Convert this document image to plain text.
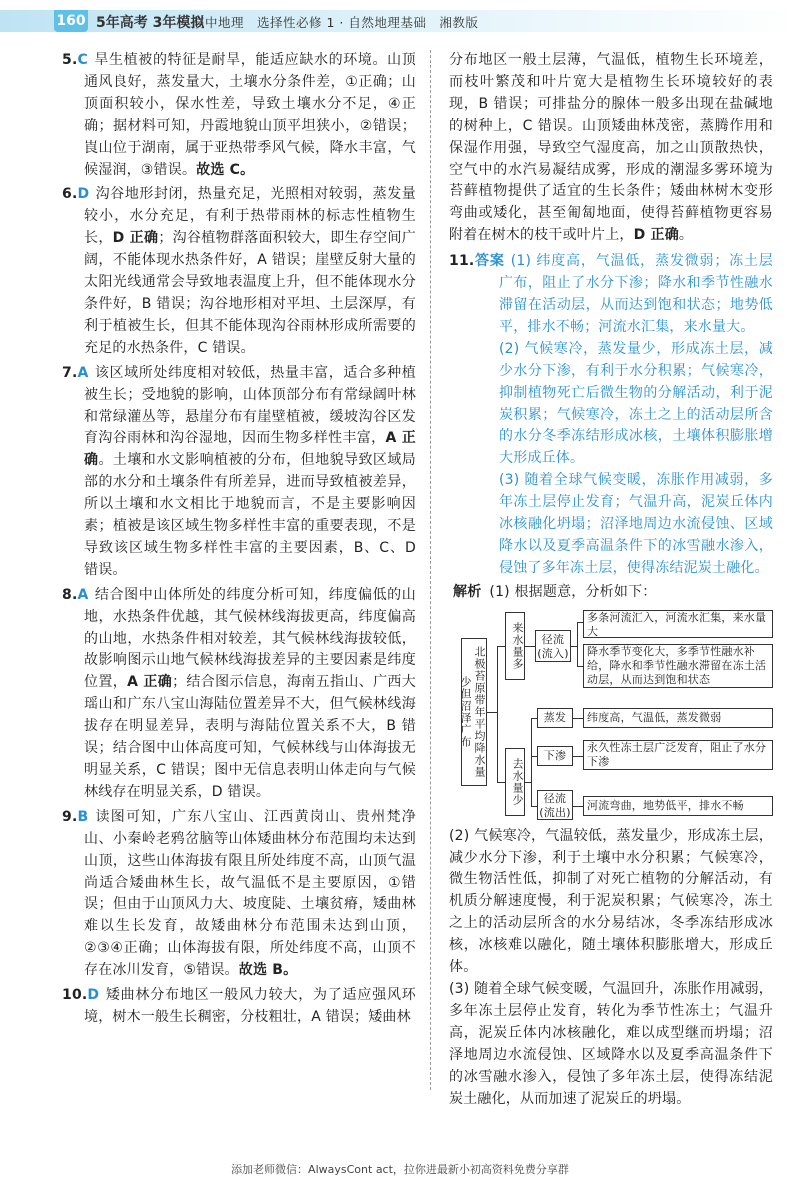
160 5年高考 3年模拟
高中地理　选择性必修 1 · 自然地理基础　湘教版
5.C 旱生植被的特征是耐旱，能适应缺水的环境。山顶通风良好，蒸发量大，土壤水分条件差，①正确；山顶面积较小，保水性差，导致土壤水分不足，④正确；据材料可知，丹霞地貌山顶平坦狭小，②错误；崀山位于湖南，属于亚热带季风气候，降水丰富，气候湿润，③错误。故选 C。
6.D 沟谷地形封闭，热量充足，光照相对较弱，蒸发量较小，水分充足，有利于热带雨林的标志性植物生长，D 正确；沟谷植物群落面积较大，即生存空间广阔，不能体现水热条件好，A 错误；崖壁反射大量的太阳光线通常会导致地表温度上升，但不能体现水分条件好，B 错误；沟谷地形相对平坦、土层深厚，有利于植被生长，但其不能体现沟谷雨林形成所需要的充足的水热条件，C 错误。
7.A 该区域所处纬度相对较低，热量丰富，适合多种植被生长；受地貌的影响，山体顶部分布有常绿阔叶林和常绿灌丛等，悬崖分布有崖壁植被，缓坡沟谷区发育沟谷雨林和沟谷湿地，因而生物多样性丰富，A 正确。土壤和水文影响植被的分布，但地貌导致区域局部的水分和土壤条件有所差异，进而导致植被差异，所以土壤和水文相比于地貌而言，不是主要影响因素；植被是该区域生物多样性丰富的重要表现，不是导致该区域生物多样性丰富的主要因素，B、C、D 错误。
8.A 结合图中山体所处的纬度分析可知，纬度偏低的山地，水热条件优越，其气候林线海拔更高，纬度偏高的山地，水热条件相对较差，其气候林线海拔较低，故影响图示山地气候林线海拔差异的主要因素是纬度位置，A 正确；结合图示信息，海南五指山、广西大瑶山和广东八宝山海陆位置差异不大，但气候林线海拔存在明显差异，表明与海陆位置关系不大，B 错误；结合图中山体高度可知，气候林线与山体海拔无明显关系，C 错误；图中无信息表明山体走向与气候林线存在明显关系，D 错误。
9.B 读图可知，广东八宝山、江西黄岗山、贵州梵净山、小秦岭老鸦岔脑等山体矮曲林分布范围均未达到山顶，这些山体海拔有限且所处纬度不高，山顶气温尚适合矮曲林生长，故气温低不是主要原因，①错误；但由于山顶风力大、坡度陡、土壤贫瘠，矮曲林难以生长发育，故矮曲林分布范围未达到山顶，②③④正确；山体海拔有限，所处纬度不高，山顶不存在冰川发育，⑤错误。故选 B。
10.D 矮曲林分布地区一般风力较大，为了适应强风环境，树木一般生长稠密，分枝粗壮，A 错误；矮曲林
分布地区一般土层薄，气温低，植物生长环境差，而枝叶繁茂和叶片宽大是植物生长环境较好的表现，B 错误；可排盐分的腺体一般多出现在盐碱地的树种上，C 错误。山顶矮曲林茂密，蒸腾作用和保湿作用强，导致空气湿度高，加之山顶散热快，空气中的水汽易凝结成雾，形成的潮湿多雾环境为苔藓植物提供了适宜的生长条件；矮曲林树木变形弯曲或矮化，甚至匍匐地面，使得苔藓植物更容易附着在树木的枝干或叶片上，D 正确。
11.答案 (1) 纬度高，气温低，蒸发微弱；冻土层广布，阻止了水分下渗；降水和季节性融水滞留在活动层，从而达到饱和状态；地势低平，排水不畅；河流水汇集，来水量大。
(2) 气候寒冷，蒸发量少，形成冻土层，减少水分下渗，有利于水分积累；气候寒冷，抑制植物死亡后微生物的分解活动，利于泥炭积累；气候寒冷，冻土之上的活动层所含的水分冬季冻结形成冰核，土壤体积膨胀增大形成丘体。
(3) 随着全球气候变暖，冻胀作用减弱，多年冻土层停止发育；气温升高，泥炭丘体内冰核融化坍塌；沼泽地周边水流侵蚀、区域降水以及夏季高温条件下的冰雪融水渗入，侵蚀了多年冻土层，使得冻结泥炭土融化。
解析 (1) 根据题意，分析如下：
北极苔原带年平均降水量少但沼泽广布
来水量多	径流(流入)
多条河流汇入，河流水汇集，来水量大
降水季节变化大，多季节性融水补给，降水和季节性融水滞留在冻土活动层，从而达到饱和状态
去水量少
蒸发	纬度高，气温低，蒸发微弱
下渗
永久性冻土层广泛发育，阻止了水分下渗
径流(流出)
河流弯曲，地势低平，排水不畅
(2) 气候寒冷，气温较低，蒸发量少，形成冻土层，减少水分下渗，利于土壤中水分积累；气候寒冷，微生物活性低，抑制了对死亡植物的分解活动，有机质分解速度慢，利于泥炭积累；气候寒冷，冻土之上的活动层所含的水分易结冰，冬季冻结形成冰核，冰核难以融化，随土壤体积膨胀增大，形成丘体。
(3) 随着全球气候变暖，气温回升，冻胀作用减弱，多年冻土层停止发育，转化为季节性冻土；气温升高，泥炭丘体内冰核融化，难以成型继而坍塌；沼泽地周边水流侵蚀、区域降水以及夏季高温条件下的冰雪融水渗入，侵蚀了多年冻土层，使得冻结泥炭土融化，从而加速了泥炭丘的坍塌。
添加老师微信：AlwaysCont act，拉你进最新小初高资料免费分享群
